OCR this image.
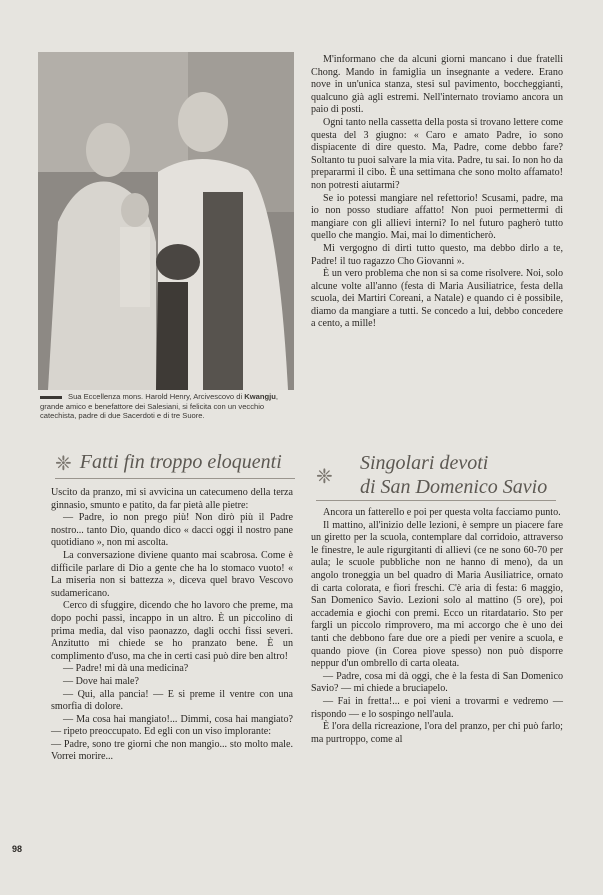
Sua Eccellenza mons. Harold Henry, Arcivescovo di Kwangju, grande amico e benefattore dei Salesiani, si felicita con un vecchio catechista, padre di due Sacerdoti e di tre Suore.
❈ Fatti fin troppo eloquenti	Singolari devoti
❈	di San Domenico Savio

Uscito da pranzo, mi si avvicina un catecumeno della terza ginnasio, smunto e patito, da far pietà alle pietre:

— Padre, io non prego più! Non dirò più il Padre nostro... tanto Dio, quando dico « dacci oggi il nostro pane quotidiano », non mi ascolta.

La conversazione diviene quanto mai scabrosa. Come è difficile parlare di Dio a gente che ha lo stomaco vuoto! « La miseria non si battezza », diceva quel bravo Vescovo sudamericano.

Cerco di sfuggire, dicendo che ho lavoro che preme, ma dopo pochi passi, incappo in un altro. È un piccolino di prima media, dal viso paonazzo, dagli occhi fissi severi. Anzitutto mi chiede se ho pranzato bene. È un complimento d'uso, ma che in certi casi può dire ben altro!

— Padre! mi dà una medicina?

— Dove hai male?

— Qui, alla pancia! — E si preme il ventre con una smorfia di dolore.

— Ma cosa hai mangiato!... Dimmi, cosa hai mangiato? — ripeto preoccupato. Ed egli con un viso implorante:

— Padre, sono tre giorni che non mangio... sto molto male. Vorrei morire...

M'informano che da alcuni giorni mancano i due fratelli Chong. Mando in famiglia un insegnante a vedere. Erano nove in un'unica stanza, stesi sul pavimento, boccheggianti, qualcuno già agli estremi. Nell'internato troviamo ancora un paio di posti.

Ogni tanto nella cassetta della posta si trovano lettere come questa del 3 giugno: « Caro e amato Padre, io sono dispiacente di dire questo. Ma, Padre, come debbo fare? Soltanto tu puoi salvare la mia vita. Padre, tu sai. Io non ho da prepararmi il cibo. È una settimana che sono molto affamato! non potresti aiutarmi?

Se io potessi mangiare nel refettorio! Scusami, padre, ma io non posso studiare affatto! Non puoi permettermi di mangiare con gli allievi interni? Io nel futuro pagherò tutto quello che mangio. Mai, mai lo dimenticherò.

Mi vergogno di dirti tutto questo, ma debbo dirlo a te, Padre! il tuo ragazzo Cho Giovanni ».

È un vero problema che non si sa come risolvere. Noi, solo alcune volte all'anno (festa di Maria Ausiliatrice, festa della scuola, dei Martiri Coreani, a Natale) e quando ci è possibile, diamo da mangiare a tutti. Se concedo a lui, debbo concedere a cento, a mille!

Ancora un fatterello e poi per questa volta facciamo punto.

Il mattino, all'inizio delle lezioni, è sempre un piacere fare un giretto per la scuola, contemplare dal corridoio, attraverso le finestre, le aule rigurgitanti di allievi (ce ne sono 60-70 per aula; le scuole pubbliche non ne hanno di meno), da un angolo troneggia un bel quadro di Maria Ausiliatrice, ornato di carta colorata, e fiori freschi. C'è aria di festa: 6 maggio, San Domenico Savio. Lezioni solo al mattino (5 ore), poi accademia e giochi con premi. Ecco un ritardatario. Sto per fargli un piccolo rimprovero, ma mi accorgo che è uno dei tanti che debbono fare due ore a piedi per venire a scuola, e quando piove (in Corea piove spesso) non può disporre neppur d'un ombrello di carta oleata.

— Padre, cosa mi dà oggi, che è la festa di San Domenico Savio? — mi chiede a bruciapelo.

— Fai in fretta!... e poi vieni a trovarmi e vedremo — rispondo — e lo sospingo nell'aula.

È l'ora della ricreazione, l'ora del pranzo, per chi può farlo; ma purtroppo, come al

98
